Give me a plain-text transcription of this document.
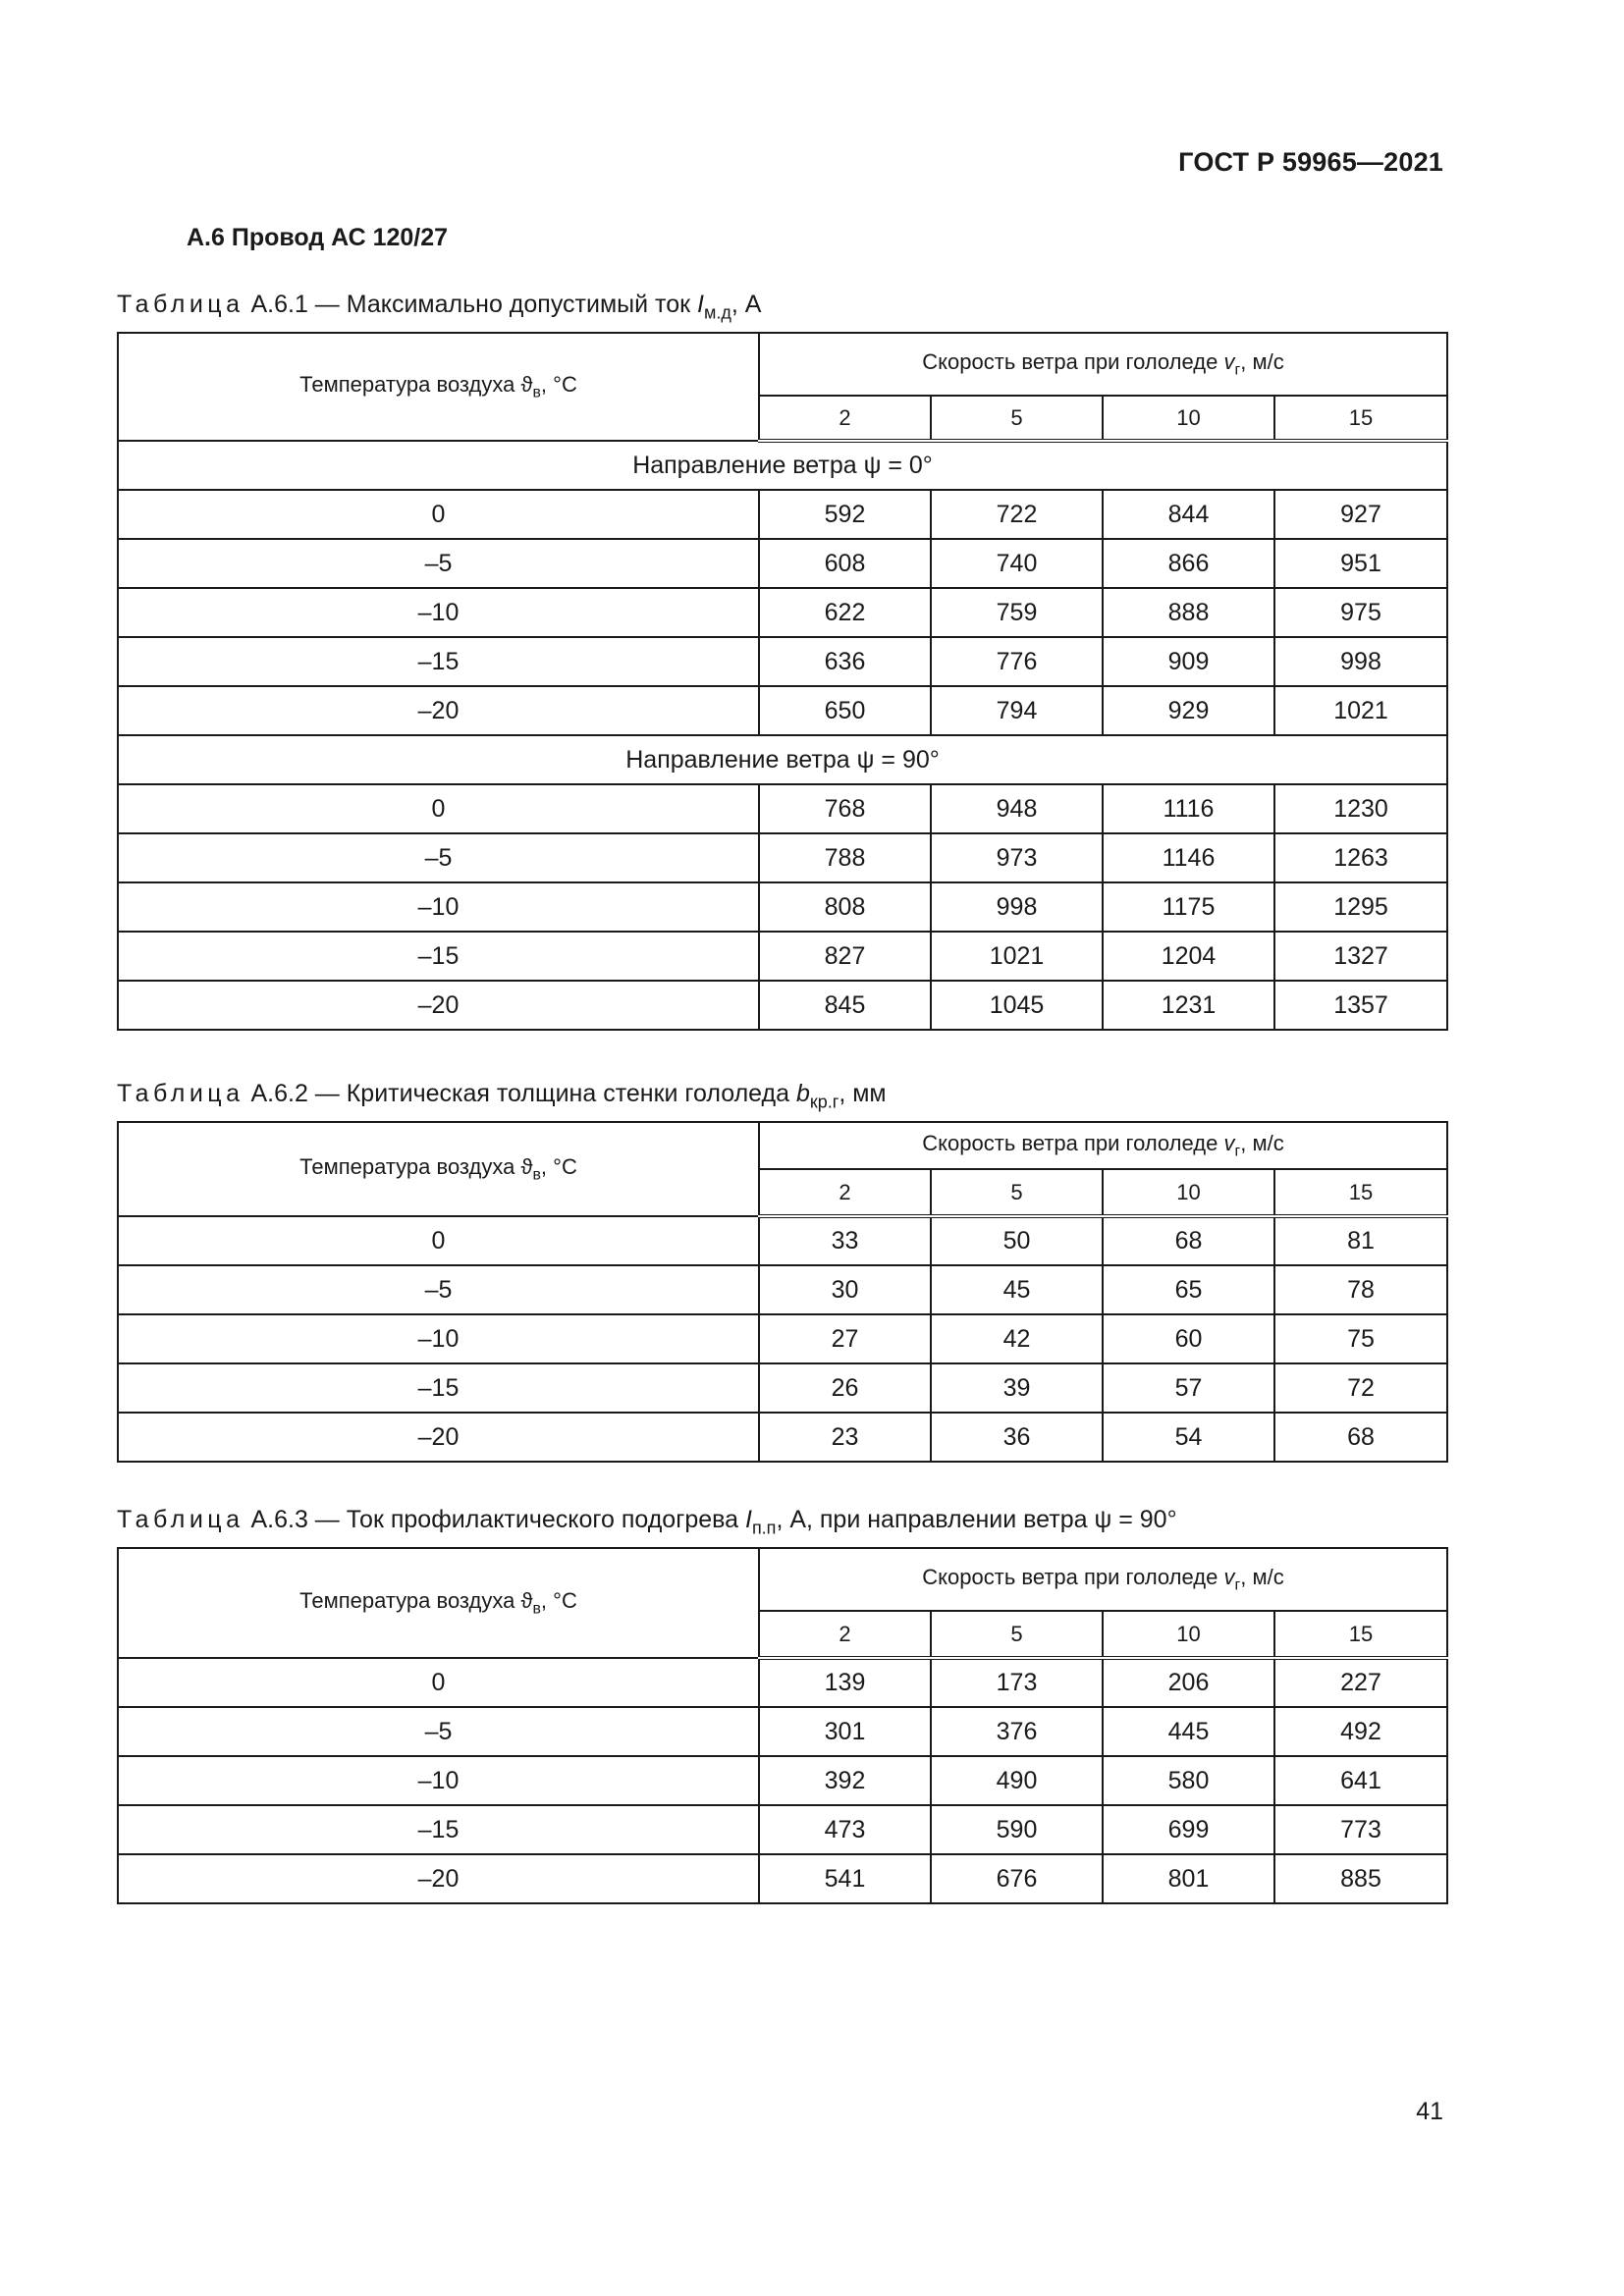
ГОСТ Р 59965—2021
А.6 Провод АС 120/27
Таблица А.6.1 — Максимально допустимый ток $I_{м.д}$, А
Температура воздуха $ϑ_в$, °С	Скорость ветра при гололеде $v_г$, м/с			
	2	5	10	15
Направление ветра ψ = 0°				
0	592	722	844	927
–5	608	740	866	951
–10	622	759	888	975
–15	636	776	909	998
–20	650	794	929	1021
Направление ветра ψ = 90°				
0	768	948	1116	1230
–5	788	973	1146	1263
–10	808	998	1175	1295
–15	827	1021	1204	1327
–20	845	1045	1231	1357
Таблица А.6.2 — Критическая толщина стенки гололеда $b_{кр.г}$, мм
Температура воздуха $ϑ_в$, °С	Скорость ветра при гололеде $v_г$, м/с			
	2	5	10	15
0	33	50	68	81
–5	30	45	65	78
–10	27	42	60	75
–15	26	39	57	72
–20	23	36	54	68
Таблица А.6.3 — Ток профилактического подогрева $I_{п.п}$, А, при направлении ветра ψ = 90°
Температура воздуха $ϑ_в$, °С	Скорость ветра при гололеде $v_г$, м/с			
	2	5	10	15
0	139	173	206	227
–5	301	376	445	492
–10	392	490	580	641
–15	473	590	699	773
–20	541	676	801	885
41
